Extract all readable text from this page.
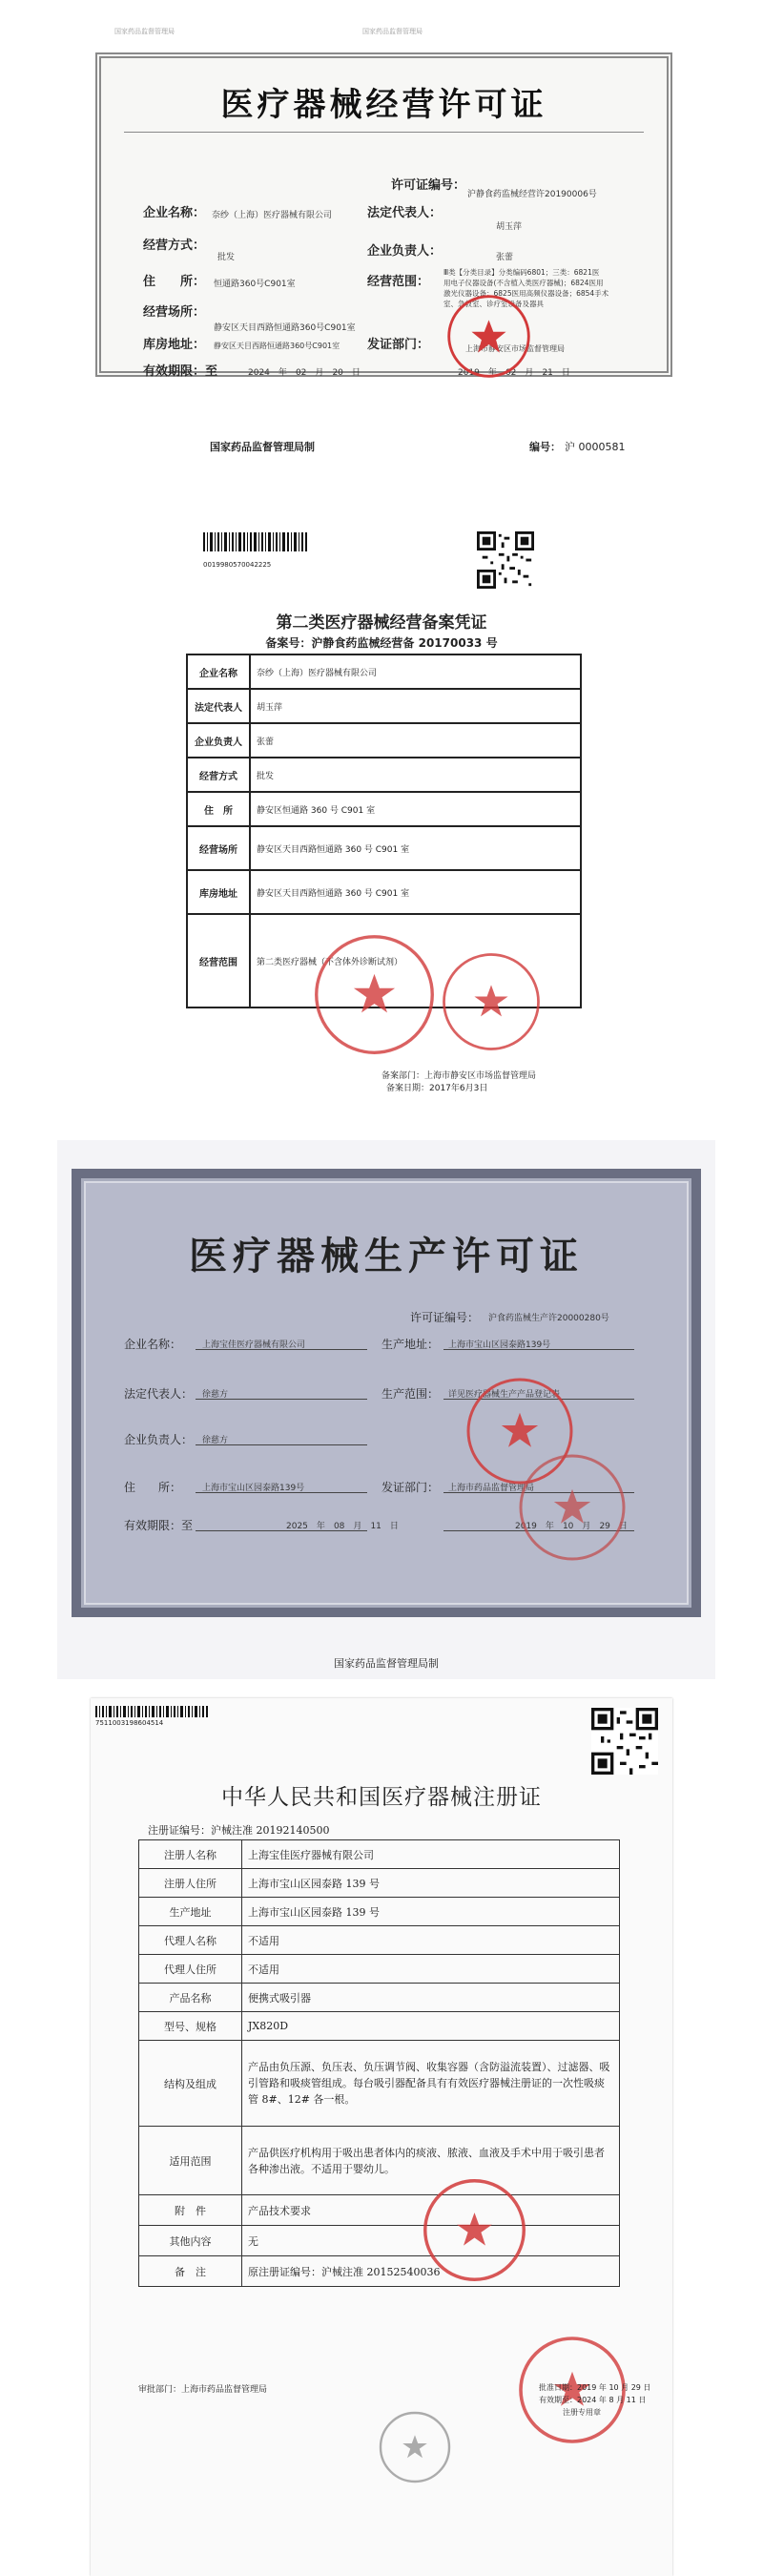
国家药品监督管理局	国家药品监督管理局
医疗器械经营许可证
许可证编号：
沪静食药监械经营许20190006号
企业名称： 奈纱（上海）医疗器械有限公司	法定代表人：
胡玉萍
经营方式：
批发	企业负责人：	张蕾
住　　所： 恒通路360号C901室	经营范围：
Ⅲ类【分类目录】分类编码6801；三类：6821医
用电子仪器设备(不含植入类医疗器械)；6824医用
激光仪器设备；6825医用高频仪器设备；6854手术
室、急救室、诊疗室设备及器具
经营场所：
静安区天目西路恒通路360号C901室
库房地址： 静安区天目西路恒通路360号C901室	发证部门：	上海市静安区市场监督管理局
有效期限：至	2024　 年　 02　 月　 20　 日	2019　 年　 02　 月　 21　 日
国家药品监督管理局制	编号： 沪 0000581
0019980570042225
第二类医疗器械经营备案凭证
备案号：沪静食药监械经营备 20170033 号
企业名称	奈纱（上海）医疗器械有限公司
法定代表人	胡玉萍
企业负责人	张蕾
经营方式	批发
住　所	静安区恒通路 360 号 C901 室
经营场所	静安区天目西路恒通路 360 号 C901 室
库房地址	静安区天目西路恒通路 360 号 C901 室
经营范围	第二类医疗器械（不含体外诊断试剂）
备案部门：上海市静安区市场监督管理局
备案日期：2017年6月3日
医疗器械生产许可证
许可证编号： 沪食药监械生产许20000280号
企业名称： 上海宝佳医疗器械有限公司	生产地址： 上海市宝山区园泰路139号
法定代表人： 徐慈方	生产范围： 详见医疗器械生产产品登记表
企业负责人： 徐慈方
住　　所： 上海市宝山区园泰路139号	发证部门： 上海市药品监督管理局
有效期限：至	2025　 年　 08　 月　 11　 日	2019　 年　 10　 月　 29　 日
国家药品监督管理局制
7511003198604514
中华人民共和国医疗器械注册证
注册证编号：沪械注准 20192140500
注册人名称	上海宝佳医疗器械有限公司
注册人住所	上海市宝山区园泰路 139 号
生产地址	上海市宝山区园泰路 139 号
代理人名称	不适用
代理人住所	不适用
产品名称	便携式吸引器
型号、规格	JX820D
结构及组成	产品由负压源、负压表、负压调节阀、收集容器（含防溢流装置）、过滤器、吸引管路和吸痰管组成。每台吸引器配备具有有效医疗器械注册证的一次性吸痰管 8#、12# 各一根。
适用范围	产品供医疗机构用于吸出患者体内的痰液、脓液、血液及手术中用于吸引患者各种渗出液。不适用于婴幼儿。
附　件	产品技术要求
其他内容	无
备　注	原注册证编号：沪械注准 20152540036
审批部门：上海市药品监督管理局	批准日期：2019 年 10 月 29 日
有效期至：2024 年 8 月 11 日
注册专用章
